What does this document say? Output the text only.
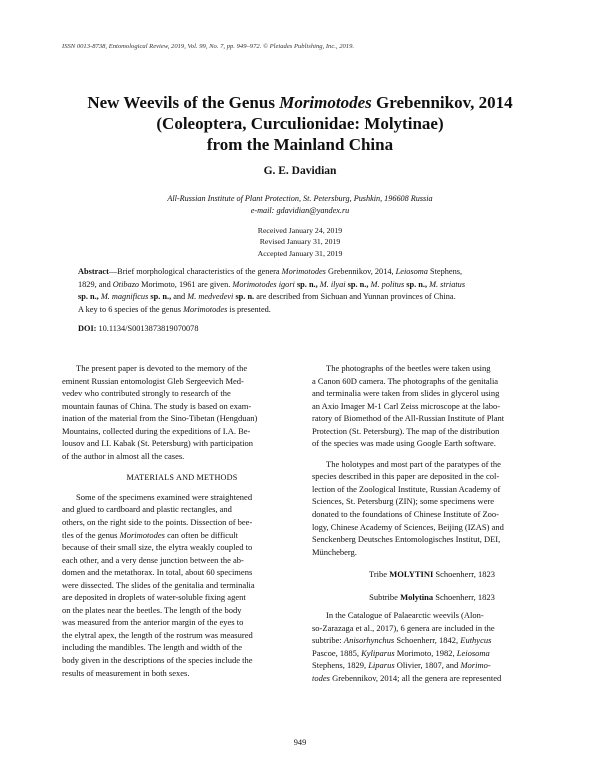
ISSN 0013-8738, Entomological Review, 2019, Vol. 99, No. 7, pp. 949–972. © Pleiades Publishing, Inc., 2019.
New Weevils of the Genus Morimotodes Grebennikov, 2014
(Coleoptera, Curculionidae: Molytinae)
from the Mainland China
G. E. Davidian
All-Russian Institute of Plant Protection, St. Petersburg, Pushkin, 196608 Russia
e-mail: gdavidian@yandex.ru
Received January 24, 2019
Revised January 31, 2019
Accepted January 31, 2019
Abstract—Brief morphological characteristics of the genera Morimotodes Grebennikov, 2014, Leiosoma Stephens,
1829, and Otibazo Morimoto, 1961 are given. Morimotodes igori sp. n., M. ilyai sp. n., M. politus sp. n., M. striatus
sp. n., M. magnificus sp. n., and M. medvedevi sp. n. are described from Sichuan and Yunnan provinces of China.
A key to 6 species of the genus Morimotodes is presented.
DOI: 10.1134/S0013873819070078
The present paper is devoted to the memory of the
eminent Russian entomologist Gleb Sergeevich Med-
vedev who contributed strongly to research of the
mountain faunas of China. The study is based on exam-
ination of the material from the Sino-Tibetan (Hengduan)
Mountains, collected during the expeditions of I.A. Be-
lousov and I.I. Kabak (St. Petersburg) with participation
of the author in almost all the cases.
MATERIALS AND METHODS
Some of the specimens examined were straightened
and glued to cardboard and plastic rectangles, and
others, on the right side to the points. Dissection of bee-
tles of the genus Morimotodes can often be difficult
because of their small size, the elytra weakly coupled to
each other, and a very dense junction between the ab-
domen and the metathorax. In total, about 60 specimens
were dissected. The slides of the genitalia and terminalia
are deposited in droplets of water-soluble fixing agent
on the plates near the beetles. The length of the body
was measured from the anterior margin of the eyes to
the elytral apex, the length of the rostrum was measured
including the mandibles. The length and width of the
body given in the descriptions of the species include the
results of measurement in both sexes.
The photographs of the beetles were taken using
a Canon 60D camera. The photographs of the genitalia
and terminalia were taken from slides in glycerol using
an Axio Imager M-1 Carl Zeiss microscope at the labo-
ratory of Biomethod of the All-Russian Institute of Plant
Protection (St. Petersburg). The map of the distribution
of the species was made using Google Earth software.
The holotypes and most part of the paratypes of the
species described in this paper are deposited in the col-
lection of the Zoological Institute, Russian Academy of
Sciences, St. Petersburg (ZIN); some specimens were
donated to the foundations of Chinese Institute of Zoo-
logy, Chinese Academy of Sciences, Beijing (IZAS) and
Senckenberg Deutsches Entomologisches Institut, DEI,
Müncheberg.
Tribe MOLYTINI Schoenherr, 1823
Subtribe Molytina Schoenherr, 1823
In the Catalogue of Palaearctic weevils (Alon-
so-Zarazaga et al., 2017), 6 genera are included in the
subtribe: Anisorhynchus Schoenherr, 1842, Euthycus
Pascoe, 1885, Kyliparus Morimoto, 1982, Leiosoma
Stephens, 1829, Liparus Olivier, 1807, and Morimo-
todes Grebennikov, 2014; all the genera are represented
949
